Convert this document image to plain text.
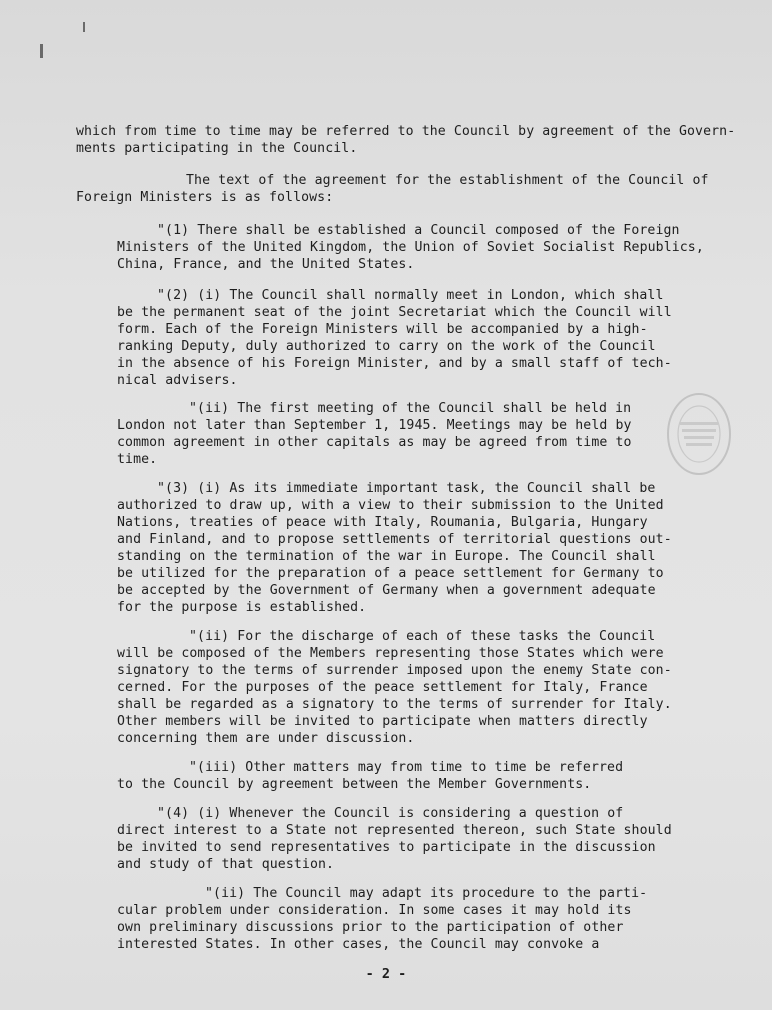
which from time to time may be referred to the Council by agreement of the Govern-
ments participating in the Council.
The text of the agreement for the establishment of the Council of
Foreign Ministers is as follows:
"(1) There shall be established a Council composed of the Foreign
Ministers of the United Kingdom, the Union of Soviet Socialist Republics,
China, France, and the United States.
"(2) (i) The Council shall normally meet in London, which shall
be the permanent seat of the joint Secretariat which the Council will
form. Each of the Foreign Ministers will be accompanied by a high-
ranking Deputy, duly authorized to carry on the work of the Council
in the absence of his Foreign Minister, and by a small staff of tech-
nical advisers.
"(ii) The first meeting of the Council shall be held in
London not later than September 1, 1945. Meetings may be held by
common agreement in other capitals as may be agreed from time to
time.
"(3) (i) As its immediate important task, the Council shall be
authorized to draw up, with a view to their submission to the United
Nations, treaties of peace with Italy, Roumania, Bulgaria, Hungary
and Finland, and to propose settlements of territorial questions out-
standing on the termination of the war in Europe. The Council shall
be utilized for the preparation of a peace settlement for Germany to
be accepted by the Government of Germany when a government adequate
for the purpose is established.
"(ii) For the discharge of each of these tasks the Council
will be composed of the Members representing those States which were
signatory to the terms of surrender imposed upon the enemy State con-
cerned. For the purposes of the peace settlement for Italy, France
shall be regarded as a signatory to the terms of surrender for Italy.
Other members will be invited to participate when matters directly
concerning them are under discussion.
"(iii) Other matters may from time to time be referred
to the Council by agreement between the Member Governments.
"(4) (i) Whenever the Council is considering a question of
direct interest to a State not represented thereon, such State should
be invited to send representatives to participate in the discussion
and study of that question.
"(ii) The Council may adapt its procedure to the parti-
cular problem under consideration. In some cases it may hold its
own preliminary discussions prior to the participation of other
interested States. In other cases, the Council may convoke a
- 2 -
